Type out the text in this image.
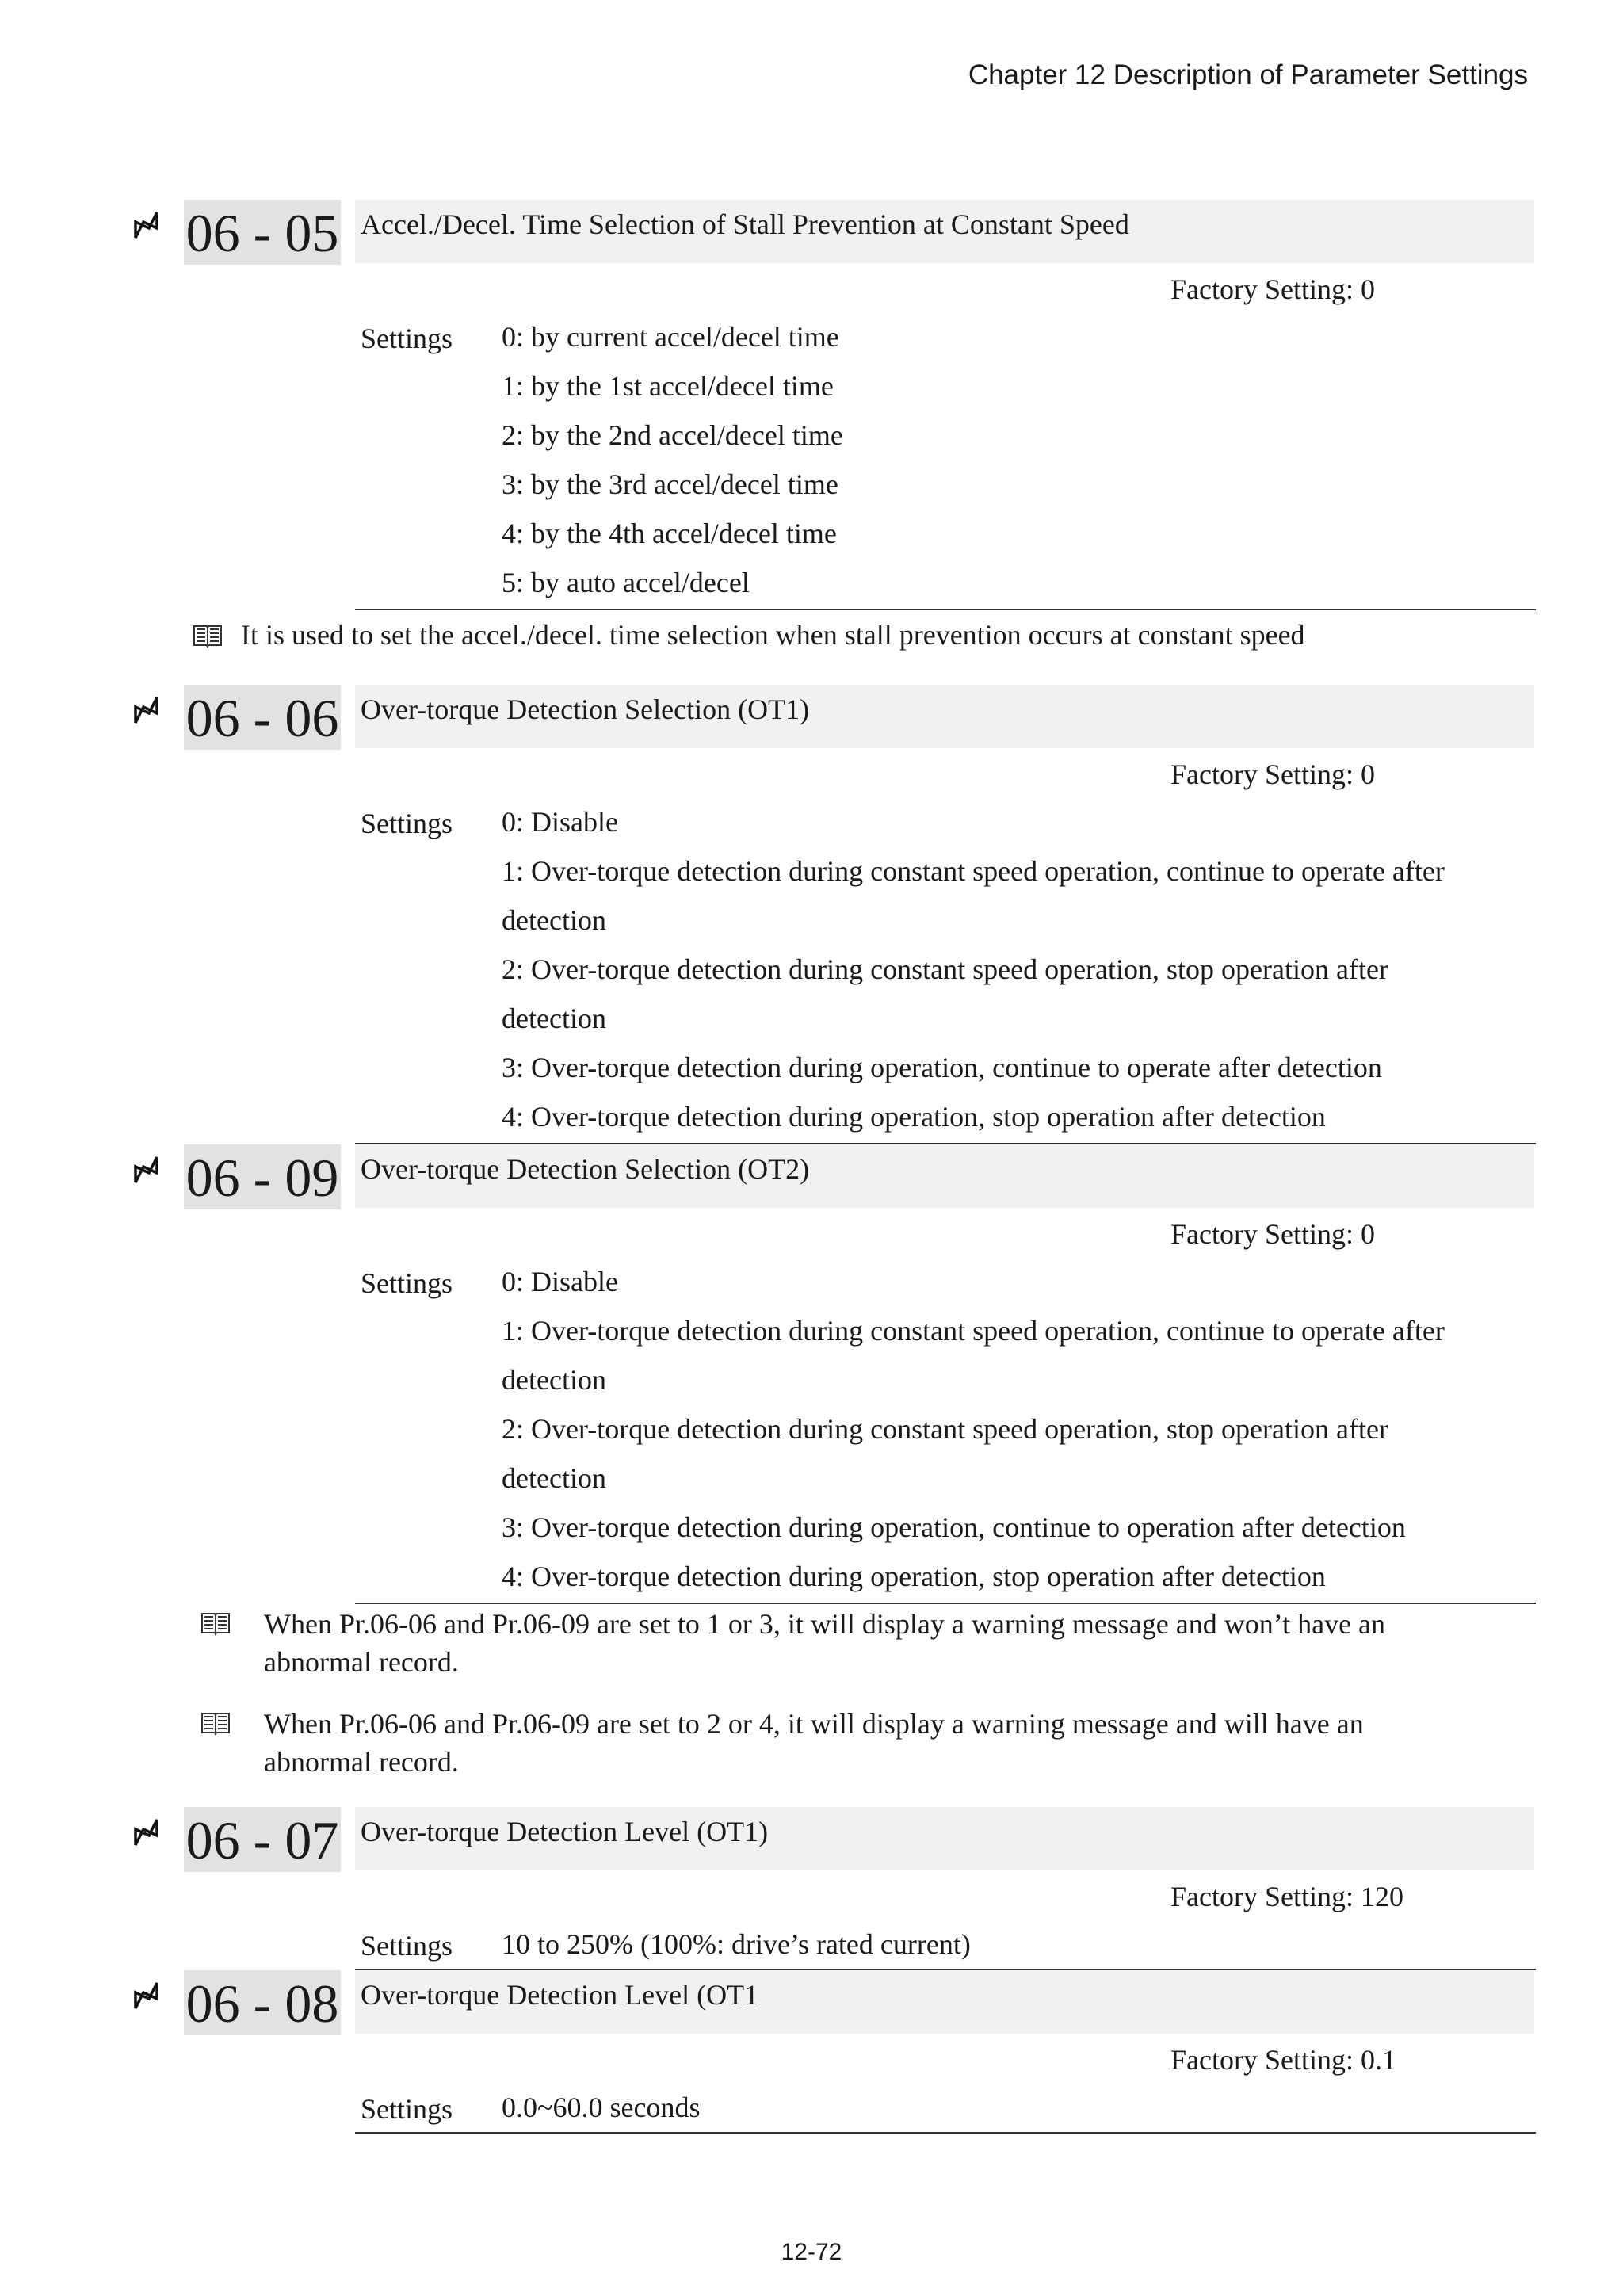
Chapter 12 Description of Parameter Settings
06 - 05 Accel./Decel. Time Selection of Stall Prevention at Constant Speed
Factory Setting: 0
Settings 0: by current accel/decel time
1: by the 1st accel/decel time
2: by the 2nd accel/decel time
3: by the 3rd accel/decel time
4: by the 4th accel/decel time
5: by auto accel/decel
It is used to set the accel./decel. time selection when stall prevention occurs at constant speed
06 - 06 Over-torque Detection Selection (OT1)
Factory Setting: 0
Settings 0: Disable
1: Over-torque detection during constant speed operation, continue to operate after
detection
2: Over-torque detection during constant speed operation, stop operation after
detection
3: Over-torque detection during operation, continue to operate after detection
4: Over-torque detection during operation, stop operation after detection
06 - 09 Over-torque Detection Selection (OT2)
Factory Setting: 0
Settings 0: Disable
1: Over-torque detection during constant speed operation, continue to operate after
detection
2: Over-torque detection during constant speed operation, stop operation after
detection
3: Over-torque detection during operation, continue to operation after detection
4: Over-torque detection during operation, stop operation after detection
When Pr.06-06 and Pr.06-09 are set to 1 or 3, it will display a warning message and won’t have an abnormal record.
When Pr.06-06 and Pr.06-09 are set to 2 or 4, it will display a warning message and will have an abnormal record.
06 - 07 Over-torque Detection Level (OT1)
Factory Setting: 120
Settings 10 to 250% (100%: drive’s rated current)
06 - 08 Over-torque Detection Level (OT1
Factory Setting: 0.1
Settings 0.0~60.0 seconds
12-72
